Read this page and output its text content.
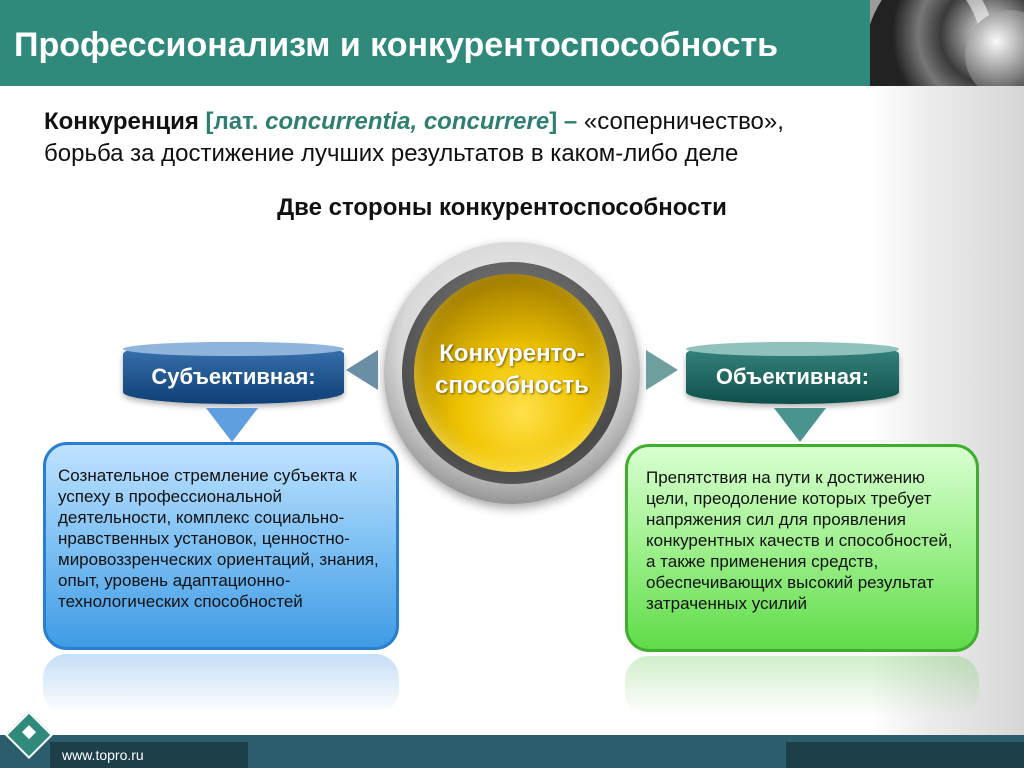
Профессионализм и конкурентоспособность
Конкуренция [лат. concurrentia, concurrere] – «соперничество»,
борьба за достижение лучших результатов в каком-либо деле
Две стороны конкурентоспособности
Конкуренто-
способность
Субъективная:	Объективная:
Сознательное стремление субъекта к успеху в профессиональной деятельности, комплекс социально-нравственных установок, ценностно-мировоззренческих ориентаций, знания, опыт, уровень адаптационно-технологических способностей
Препятствия на пути к достижению цели, преодоление которых требует напряжения сил для проявления конкурентных качеств и способностей, а также применения средств, обеспечивающих высокий результат затраченных усилий
www.topro.ru
